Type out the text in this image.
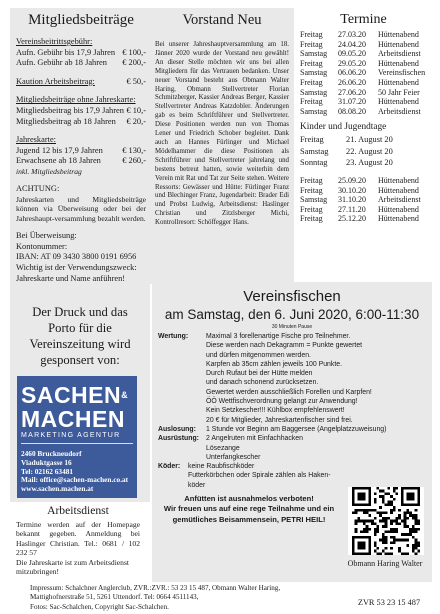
Mitgliedsbeiträge
Vereinsbeitrittsgebühr:
Aufn. Gebühr bis 17,9 Jahren € 100,-
Aufn. Gebühr ab 18 Jahren € 200,-
Kaution Arbeitsbeitrag:	€ 50,-
Mitgliedsbeiträge ohne Jahreskarte:
Mitgliedsbeitrag bis 17,9 Jahren € 10,-
Mitgliedsbeitrag ab 18 Jahren € 20,-
Jahreskarte:
Jugend 12 bis 17,9 Jahren € 130,-
Erwachsene ab 18 Jahren	€ 260,-
inkl. Mitgliedsbeitrag
ACHTUNG:
Jahreskarten und Mitgliedsbeiträge können via Überweisung oder bei der Jahreshaupt-versammlung bezahlt werden.
Bei Überweisung:
Kontonummer:
IBAN: AT 09 3430 3800 0191 6956
Wichtig ist der Verwendungszweck: Jahreskarte und Name anführen!
Vorstand Neu

Bei unserer Jahreshauptversammlung am 18. Jänner 2020 wurde der Vorstand neu gewählt! An dieser Stelle möchten wir uns bei allen Mitgliedern für das Vertrauen bedanken. Unser neuer Vorstand besteht aus Obmann Walter Haring, Obmann Stellvertreter Florian Schmitzberger, Kassier Andreas Berger, Kassier Stellvertreter Andreas Katzdobler. Änderungen gab es beim Schriftführer und Stellvertreter. Diese Positionen werden nun von Thomas Lener und Friedrich Schober begleitet. Dank auch an Hannes Fürlinger und Michael Mödelhammer die diese Positionen als Schriftführer und Stellvertreter jahrelang und bestens betreut hatten, sowie weiterhin dem Verein mit Rat und Tat zur Seite stehen. Weitere Ressorts: Gewässer und Hütte: Fürlinger Franz und Blechinger Franz, Jugendarbeit: Brader Edi und Probst Ludwig, Arbeitsdienst: Haslinger Christian und Zitzlsberger Michi, Kontrollresort: Schöffegger Hans.

Termine
Freitag	27.03.20	Hüttenabend
Freitag	24.04.20	Hüttenabend
Samstag	09.05.20	Arbeitsdienst
Freitag	29.05.20	Hüttenabend
Samstag	06.06.20	Vereinsfischen
Freitag	26.06.20	Hüttenabend
Samstag	27.06.20	50 Jahr Feier
Freitag	31.07.20	Hüttenabend
Samstag	08.08.20	Arbeitsdienst
Kinder und Jugendtage
Freitag	21. August 20
Samstag	22. August 20
Sonntag	23. August 20
Freitag	25.09.20	Hüttenabend
Freitag	30.10.20	Hüttenabend
Samstag	31.10.20	Arbeitsdienst
Freitag	27.11.20	Hüttenabend
Freitag	25.12.20	Hüttenabend
Der Druck und das
Porto für die
Vereinszeitung wird
gesponsert von:
SACHEN&
MACHEN
MARKETING AGENTUR
2460 Bruckneudorf
Viaduktgasse 16
Tel: 02162 63481
Mail: office@sachen-machen.co.at
www.sachen.machen.at
Arbeitsdienst
Termine werden auf der Homepage bekannt gegeben. Anmeldung bei Haslinger Christian. Tel.: 0681 / 102 232 57
Die Jahreskarte ist zum Arbeitsdienst mitzubringen!
Vereinsfischen
am Samstag, den 6. Juni 2020, 6:00-11:30
30 Minuten Pause
Wertung:	Maximal 3 forellenartige Fische pro Teilnehmer.
Diese werden nach Dekagramm = Punkte gewertet
und dürfen mitgenommen werden.
Karpfen ab 35cm zählen jeweils 100 Punkte.
Durch Rufaut bei der Hütte melden
und danach schonend zurücksetzen.
Gewertet werden ausschließlich Forellen und Karpfen!
ÖÖ Wettfischverordnung gelangt zur Anwendung!
Kein Setzkescher!!! Kühlbox empfehlenswert!
20 € für Mitglieder, Jahreskartenfischer sind frei.
Auslosung: 1 Stunde vor Beginn am Baggersee (Angelplatzzuweisung)
Ausrüstung: 2 Angelruten mit Einfachhacken
Lösezange
Unterfangkescher
Köder: keine Raubfischköder
Futterkörbchen oder Spirale zählen als Haken-
köder
Anfütten ist ausnahmelos verboten!
Wir freuen uns auf eine rege Teilnahme und ein
gemütliches Beisammensein, PETRI HEIL!
Obmann Haring Walter
Impressum: Schalchner Anglerclub, ZVR.:ZVR.: 53 23 15 487, Obmann Walter Haring,
Mattighofnerstraße 51, 5261 Uttendorf. Tel: 0664 4511143,
Fotos: Sac-Schalchen, Copyright Sac-Schalchen.	ZVR 53 23 15 487
